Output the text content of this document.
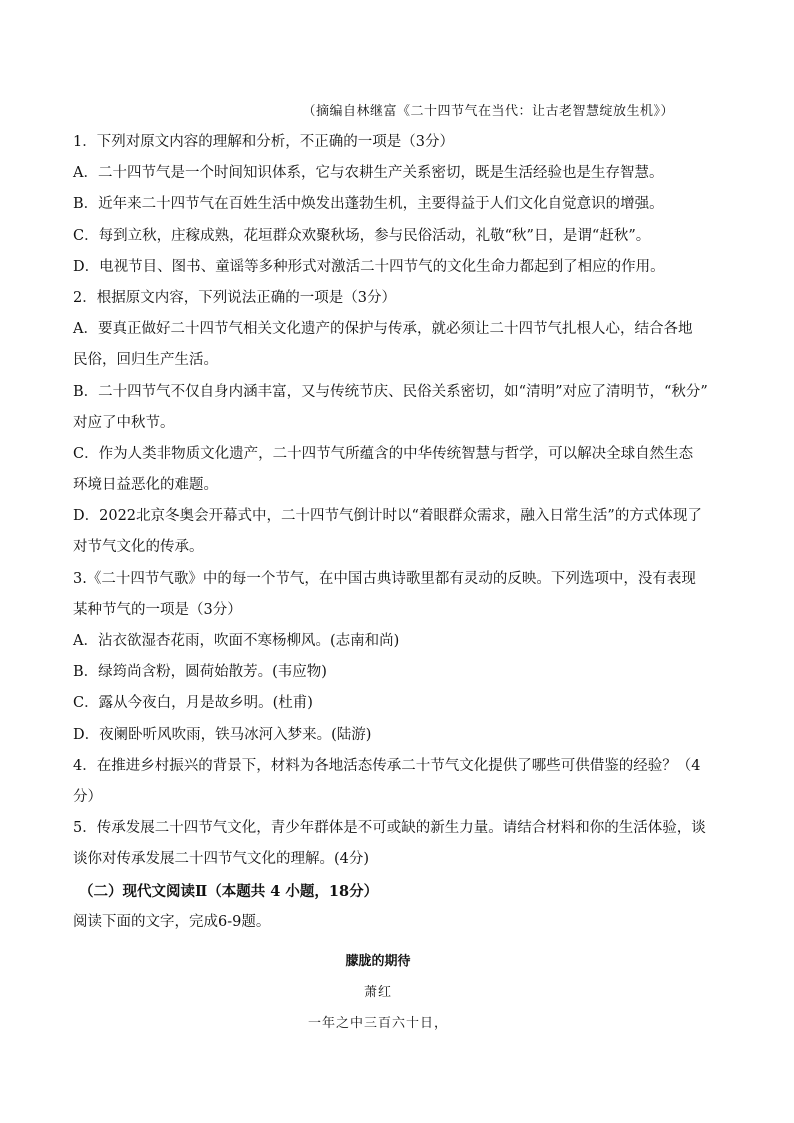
（摘编自林继富《二十四节气在当代：让古老智慧绽放生机》）
1．下列对原文内容的理解和分析，不正确的一项是（3分）
A．二十四节气是一个时间知识体系，它与农耕生产关系密切，既是生活经验也是生存智慧。
B．近年来二十四节气在百姓生活中焕发出蓬勃生机，主要得益于人们文化自觉意识的增强。
C．每到立秋，庄稼成熟，花垣群众欢聚秋场，参与民俗活动，礼敬“秋”日，是谓“赶秋”。
D．电视节目、图书、童谣等多种形式对激活二十四节气的文化生命力都起到了相应的作用。
2．根据原文内容，下列说法正确的一项是（3分）
A．要真正做好二十四节气相关文化遗产的保护与传承，就必须让二十四节气扎根人心，结合各地
民俗，回归生产生活。
B．二十四节气不仅自身内涵丰富，又与传统节庆、民俗关系密切，如“清明”对应了清明节，“秋分”
对应了中秋节。
C．作为人类非物质文化遗产，二十四节气所蕴含的中华传统智慧与哲学，可以解决全球自然生态
环境日益恶化的难题。
D．2022北京冬奥会开幕式中，二十四节气倒计时以“着眼群众需求，融入日常生活”的方式体现了
对节气文化的传承。
3.《二十四节气歌》中的每一个节气，在中国古典诗歌里都有灵动的反映。下列选项中，没有表现
某种节气的一项是（3分）
A．沾衣欲湿杏花雨，吹面不寒杨柳风。(志南和尚)
B．绿筠尚含粉，圆荷始散芳。(韦应物)
C．露从今夜白，月是故乡明。(杜甫)
D．夜阑卧听风吹雨，铁马冰河入梦来。(陆游)
4．在推进乡村振兴的背景下，材料为各地活态传承二十节气文化提供了哪些可供借鉴的经验？（4
分）
5．传承发展二十四节气文化，青少年群体是不可或缺的新生力量。请结合材料和你的生活体验，谈
谈你对传承发展二十四节气文化的理解。(4分)
（二）现代文阅读Ⅱ（本题共 4 小题，18分）
阅读下面的文字，完成6-9题。
朦胧的期待
萧红
一年之中三百六十日，
